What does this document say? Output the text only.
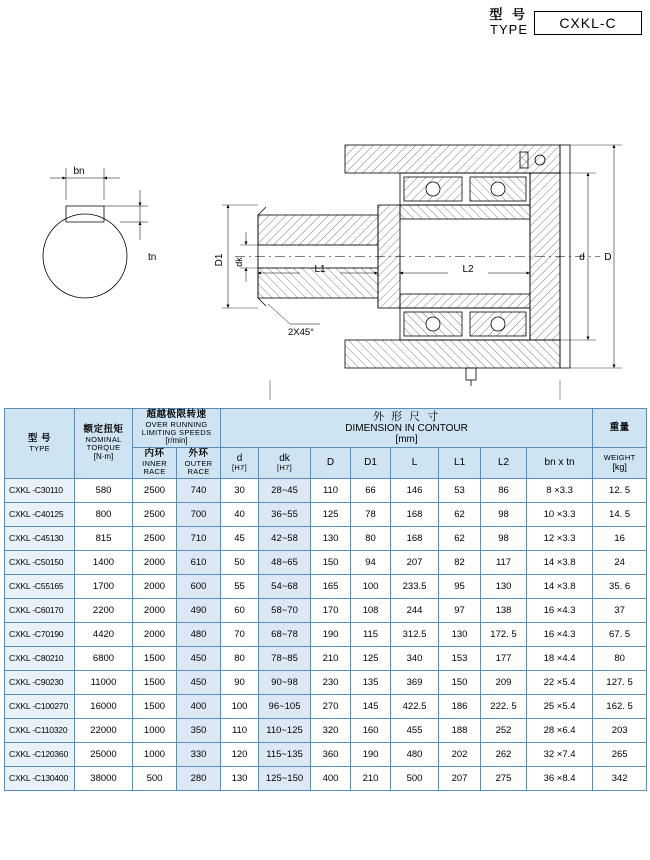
型 号
TYPE	CXKL-C
bn
tn	D1 dk
L1	L2
d D
2X45°
型 号
TYPE

额定扭矩
NOMINAL
TORQUE
[N·m]

超越极限转速
OVER RUNNING
LIMITING SPEEDS
[r/min]

外 形 尺 寸
DIMENSION IN CONTOUR
[mm]	
重量

内环
INNER
RACE

外环
OUTER
RACE

d
[H7]

dk
[H7]	D	D1	L	L1	L2	bn x tn	
WEIGHT
[kg]

CXKL -C30110	580	2500	740	30	28~45	110	66	146	53	86	8 ×3.3	12. 5
CXKL -C40125	800	2500	700	40	36~55	125	78	168	62	98	10 ×3.3	14. 5
CXKL -C45130	815	2500	710	45	42~58	130	80	168	62	98	12 ×3.3	16
CXKL -C50150	1400	2000	610	50	48~65	150	94	207	82	117	14 ×3.8	24
CXKL -C55165	1700	2000	600	55	54~68	165	100	233.5	95	130	14 ×3.8	35. 6
CXKL -C60170	2200	2000	490	60	58~70	170	108	244	97	138	16 ×4.3	37
CXKL -C70190	4420	2000	480	70	68~78	190	115	312.5	130	172. 5	16 ×4.3	67. 5
CXKL -C80210	6800	1500	450	80	78~85	210	125	340	153	177	18 ×4.4	80
CXKL -C90230	11000	1500	450	90	90~98	230	135	369	150	209	22 ×5.4	127. 5
CXKL -C100270	16000	1500	400	100	96~105	270	145	422.5	186	222. 5	25 ×5.4	162. 5
CXKL -C110320	22000	1000	350	110	110~125	320	160	455	188	252	28 ×6.4	203
CXKL -C120360	25000	1000	330	120	115~135	360	190	480	202	262	32 ×7.4	265
CXKL -C130400	38000	500	280	130	125~150	400	210	500	207	275	36 ×8.4	342
